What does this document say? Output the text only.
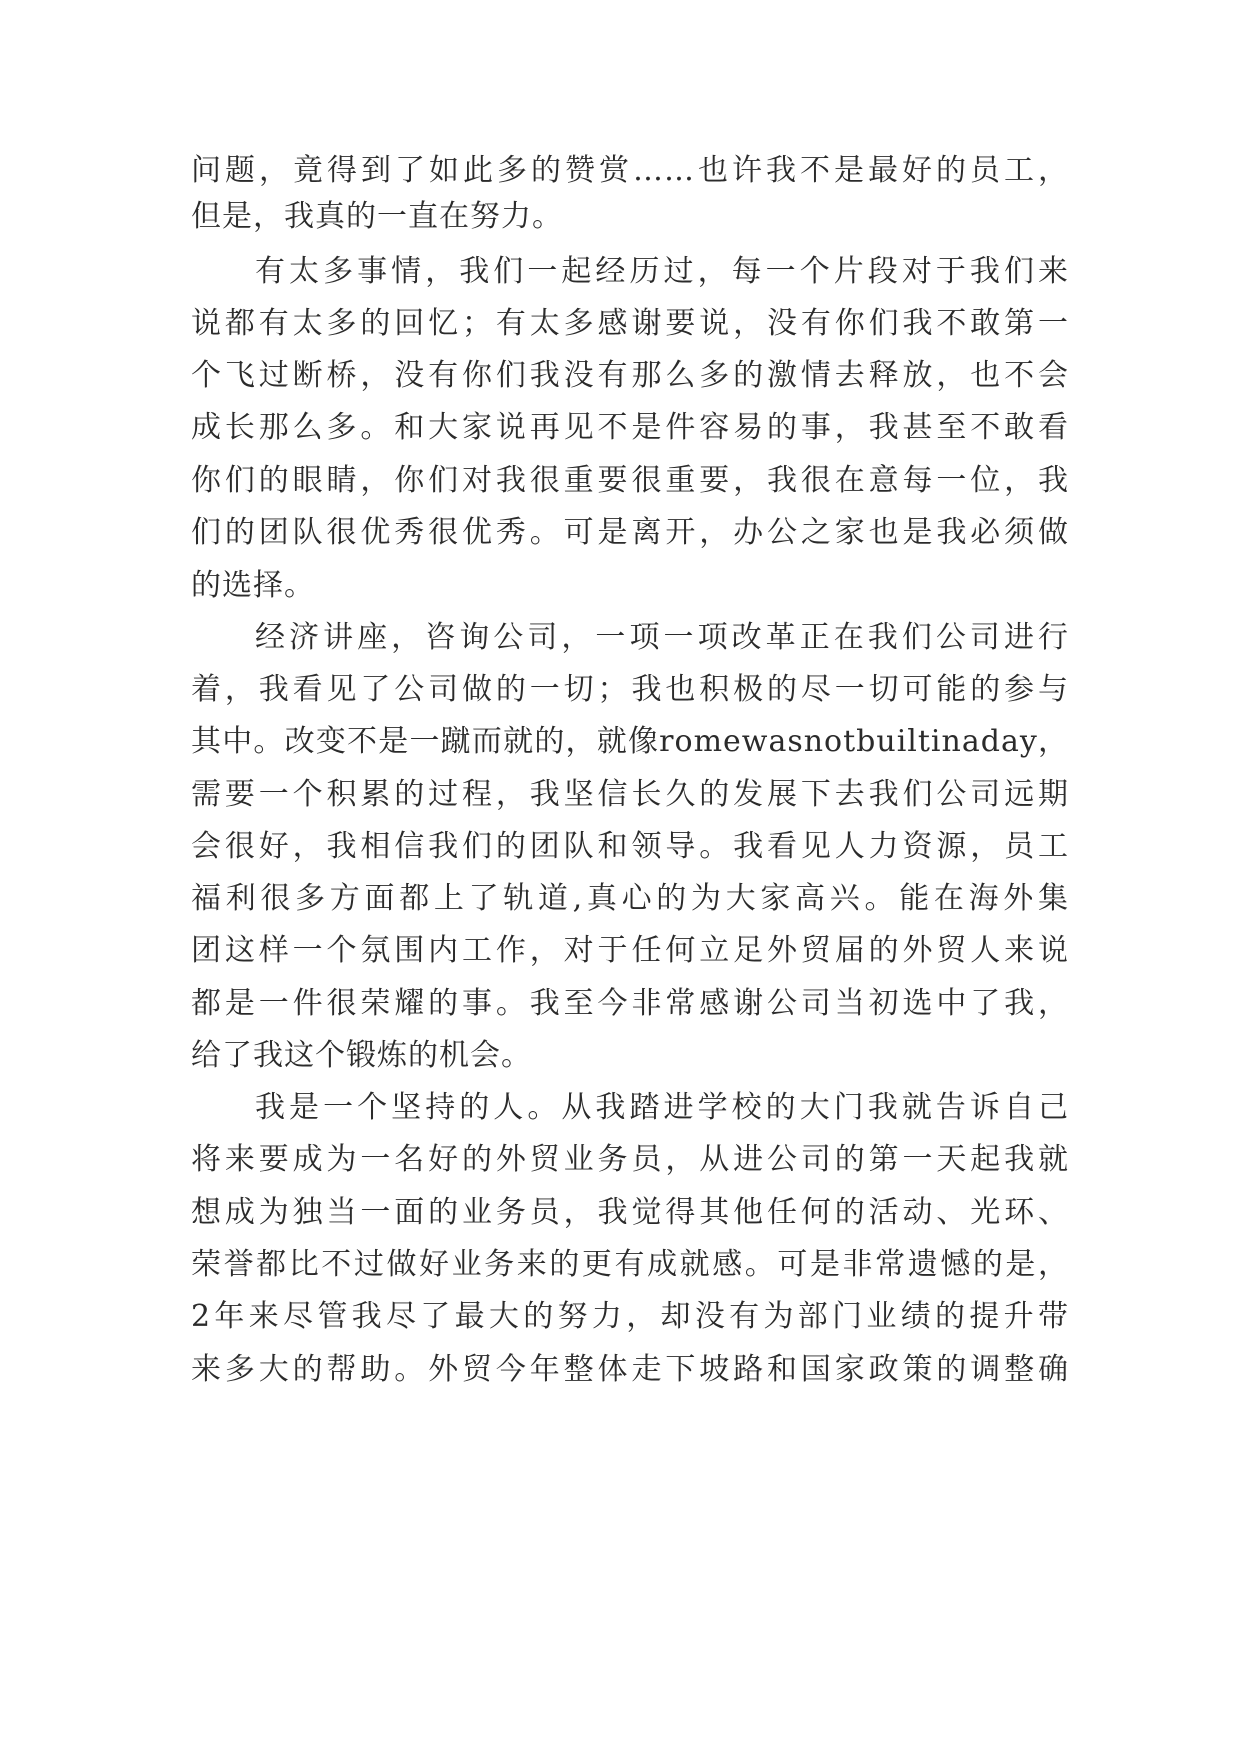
问题，竟得到了如此多的赞赏……也许我不是最好的员工，
但是，我真的一直在努力。
有太多事情，我们一起经历过，每一个片段对于我们来
说都有太多的回忆；有太多感谢要说，没有你们我不敢第一
个飞过断桥，没有你们我没有那么多的激情去释放，也不会
成长那么多。和大家说再见不是件容易的事，我甚至不敢看
你们的眼睛，你们对我很重要很重要，我很在意每一位，我
们的团队很优秀很优秀。可是离开，办公之家也是我必须做
的选择。
经济讲座，咨询公司，一项一项改革正在我们公司进行
着，我看见了公司做的一切；我也积极的尽一切可能的参与
其中。改变不是一蹴而就的，就像romewasnotbuiltinaday，
需要一个积累的过程，我坚信长久的发展下去我们公司远期
会很好，我相信我们的团队和领导。我看见人力资源，员工
福利很多方面都上了轨道,真心的为大家高兴。能在海外集
团这样一个氛围内工作，对于任何立足外贸届的外贸人来说
都是一件很荣耀的事。我至今非常感谢公司当初选中了我，
给了我这个锻炼的机会。
我是一个坚持的人。从我踏进学校的大门我就告诉自己
将来要成为一名好的外贸业务员，从进公司的第一天起我就
想成为独当一面的业务员，我觉得其他任何的活动、光环、
荣誉都比不过做好业务来的更有成就感。可是非常遗憾的是，
2年来尽管我尽了最大的努力，却没有为部门业绩的提升带
来多大的帮助。外贸今年整体走下坡路和国家政策的调整确
